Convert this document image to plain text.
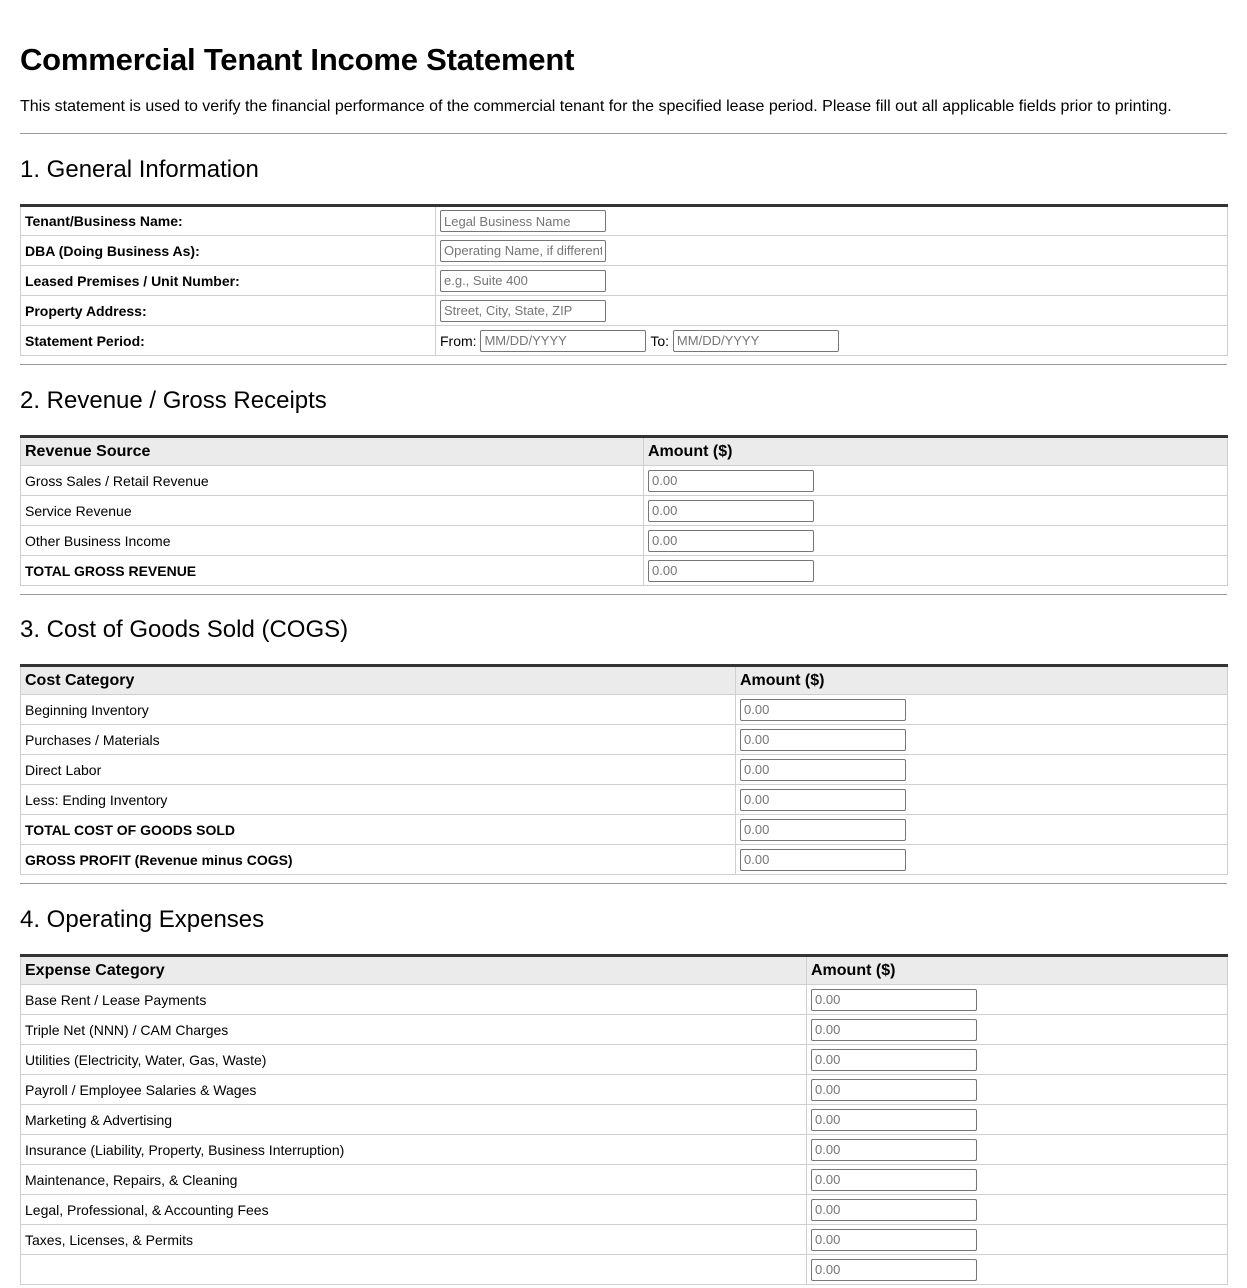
Commercial Tenant Income Statement

This statement is used to verify the financial performance of the commercial tenant for the specified lease period. Please fill out all applicable fields prior to printing.

1. General Information
Tenant/Business Name:	Legal Business Name
DBA (Doing Business As):	Operating Name, if different
Leased Premises / Unit Number:	e.g., Suite 400
Property Address:	Street, City, State, ZIP
Statement Period:	From: MM/DD/YYYY To: MM/DD/YYYY
2. Revenue / Gross Receipts
Revenue Source	Amount ($)
Gross Sales / Retail Revenue	0.00
Service Revenue	0.00
Other Business Income	0.00
TOTAL GROSS REVENUE	0.00
3. Cost of Goods Sold (COGS)
Cost Category	Amount ($)
Beginning Inventory	0.00
Purchases / Materials	0.00
Direct Labor	0.00
Less: Ending Inventory	0.00
TOTAL COST OF GOODS SOLD	0.00
GROSS PROFIT (Revenue minus COGS)	0.00
4. Operating Expenses
Expense Category	Amount ($)
Base Rent / Lease Payments	0.00
Triple Net (NNN) / CAM Charges	0.00
Utilities (Electricity, Water, Gas, Waste)	0.00
Payroll / Employee Salaries & Wages	0.00
Marketing & Advertising	0.00
Insurance (Liability, Property, Business Interruption)	0.00
Maintenance, Repairs, & Cleaning	0.00
Legal, Professional, & Accounting Fees	0.00
Taxes, Licenses, & Permits	0.00
	0.00
